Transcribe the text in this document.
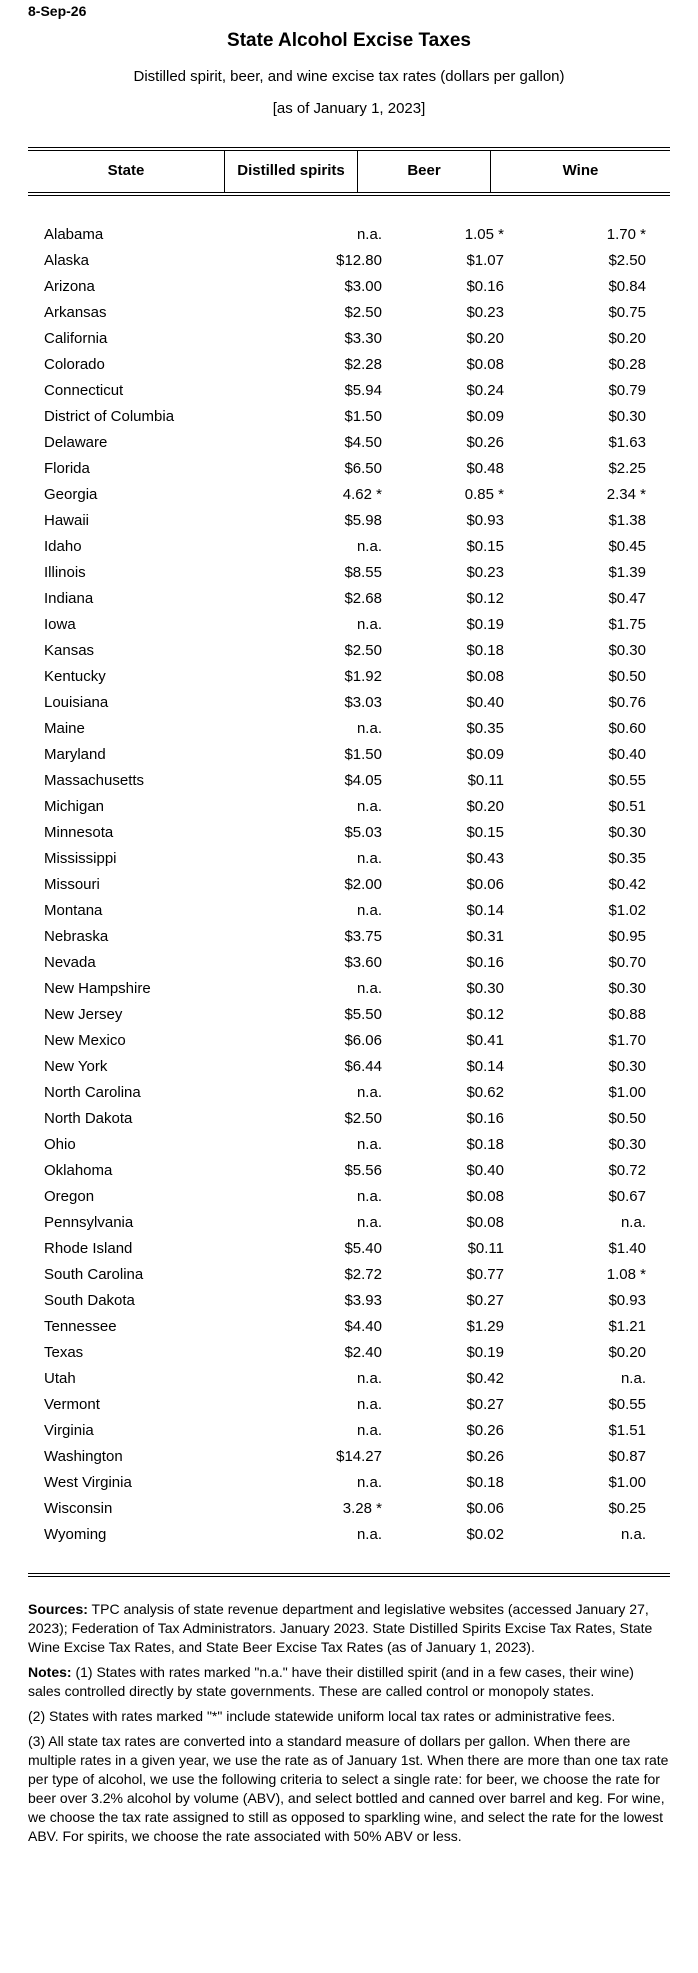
8-Sep-26
State Alcohol Excise Taxes
Distilled spirit, beer, and wine excise tax rates (dollars per gallon)
[as of January 1, 2023]
State	Distilled spirits	Beer	Wine
Alabama	n.a.	1.05 *	1.70 *
Alaska	$12.80	$1.07	$2.50
Arizona	$3.00	$0.16	$0.84
Arkansas	$2.50	$0.23	$0.75
California	$3.30	$0.20	$0.20
Colorado	$2.28	$0.08	$0.28
Connecticut	$5.94	$0.24	$0.79
District of Columbia	$1.50	$0.09	$0.30
Delaware	$4.50	$0.26	$1.63
Florida	$6.50	$0.48	$2.25
Georgia	4.62 *	0.85 *	2.34 *
Hawaii	$5.98	$0.93	$1.38
Idaho	n.a.	$0.15	$0.45
Illinois	$8.55	$0.23	$1.39
Indiana	$2.68	$0.12	$0.47
Iowa	n.a.	$0.19	$1.75
Kansas	$2.50	$0.18	$0.30
Kentucky	$1.92	$0.08	$0.50
Louisiana	$3.03	$0.40	$0.76
Maine	n.a.	$0.35	$0.60
Maryland	$1.50	$0.09	$0.40
Massachusetts	$4.05	$0.11	$0.55
Michigan	n.a.	$0.20	$0.51
Minnesota	$5.03	$0.15	$0.30
Mississippi	n.a.	$0.43	$0.35
Missouri	$2.00	$0.06	$0.42
Montana	n.a.	$0.14	$1.02
Nebraska	$3.75	$0.31	$0.95
Nevada	$3.60	$0.16	$0.70
New Hampshire	n.a.	$0.30	$0.30
New Jersey	$5.50	$0.12	$0.88
New Mexico	$6.06	$0.41	$1.70
New York	$6.44	$0.14	$0.30
North Carolina	n.a.	$0.62	$1.00
North Dakota	$2.50	$0.16	$0.50
Ohio	n.a.	$0.18	$0.30
Oklahoma	$5.56	$0.40	$0.72
Oregon	n.a.	$0.08	$0.67
Pennsylvania	n.a.	$0.08	n.a.
Rhode Island	$5.40	$0.11	$1.40
South Carolina	$2.72	$0.77	1.08 *
South Dakota	$3.93	$0.27	$0.93
Tennessee	$4.40	$1.29	$1.21
Texas	$2.40	$0.19	$0.20
Utah	n.a.	$0.42	n.a.
Vermont	n.a.	$0.27	$0.55
Virginia	n.a.	$0.26	$1.51
Washington	$14.27	$0.26	$0.87
West Virginia	n.a.	$0.18	$1.00
Wisconsin	3.28 *	$0.06	$0.25
Wyoming	n.a.	$0.02	n.a.

Sources: TPC analysis of state revenue department and legislative websites (accessed January 27, 2023); Federation of Tax Administrators. January 2023. State Distilled Spirits Excise Tax Rates, State Wine Excise Tax Rates, and State Beer Excise Tax Rates (as of January 1, 2023).

Notes: (1) States with rates marked "n.a." have their distilled spirit (and in a few cases, their wine) sales controlled directly by state governments. These are called control or monopoly states.

(2) States with rates marked "*" include statewide uniform local tax rates or administrative fees.

(3) All state tax rates are converted into a standard measure of dollars per gallon. When there are multiple rates in a given year, we use the rate as of January 1st. When there are more than one tax rate per type of alcohol, we use the following criteria to select a single rate: for beer, we choose the rate for beer over 3.2% alcohol by volume (ABV), and select bottled and canned over barrel and keg. For wine, we choose the tax rate assigned to still as opposed to sparkling wine, and select the rate for the lowest ABV. For spirits, we choose the rate associated with 50% ABV or less.
